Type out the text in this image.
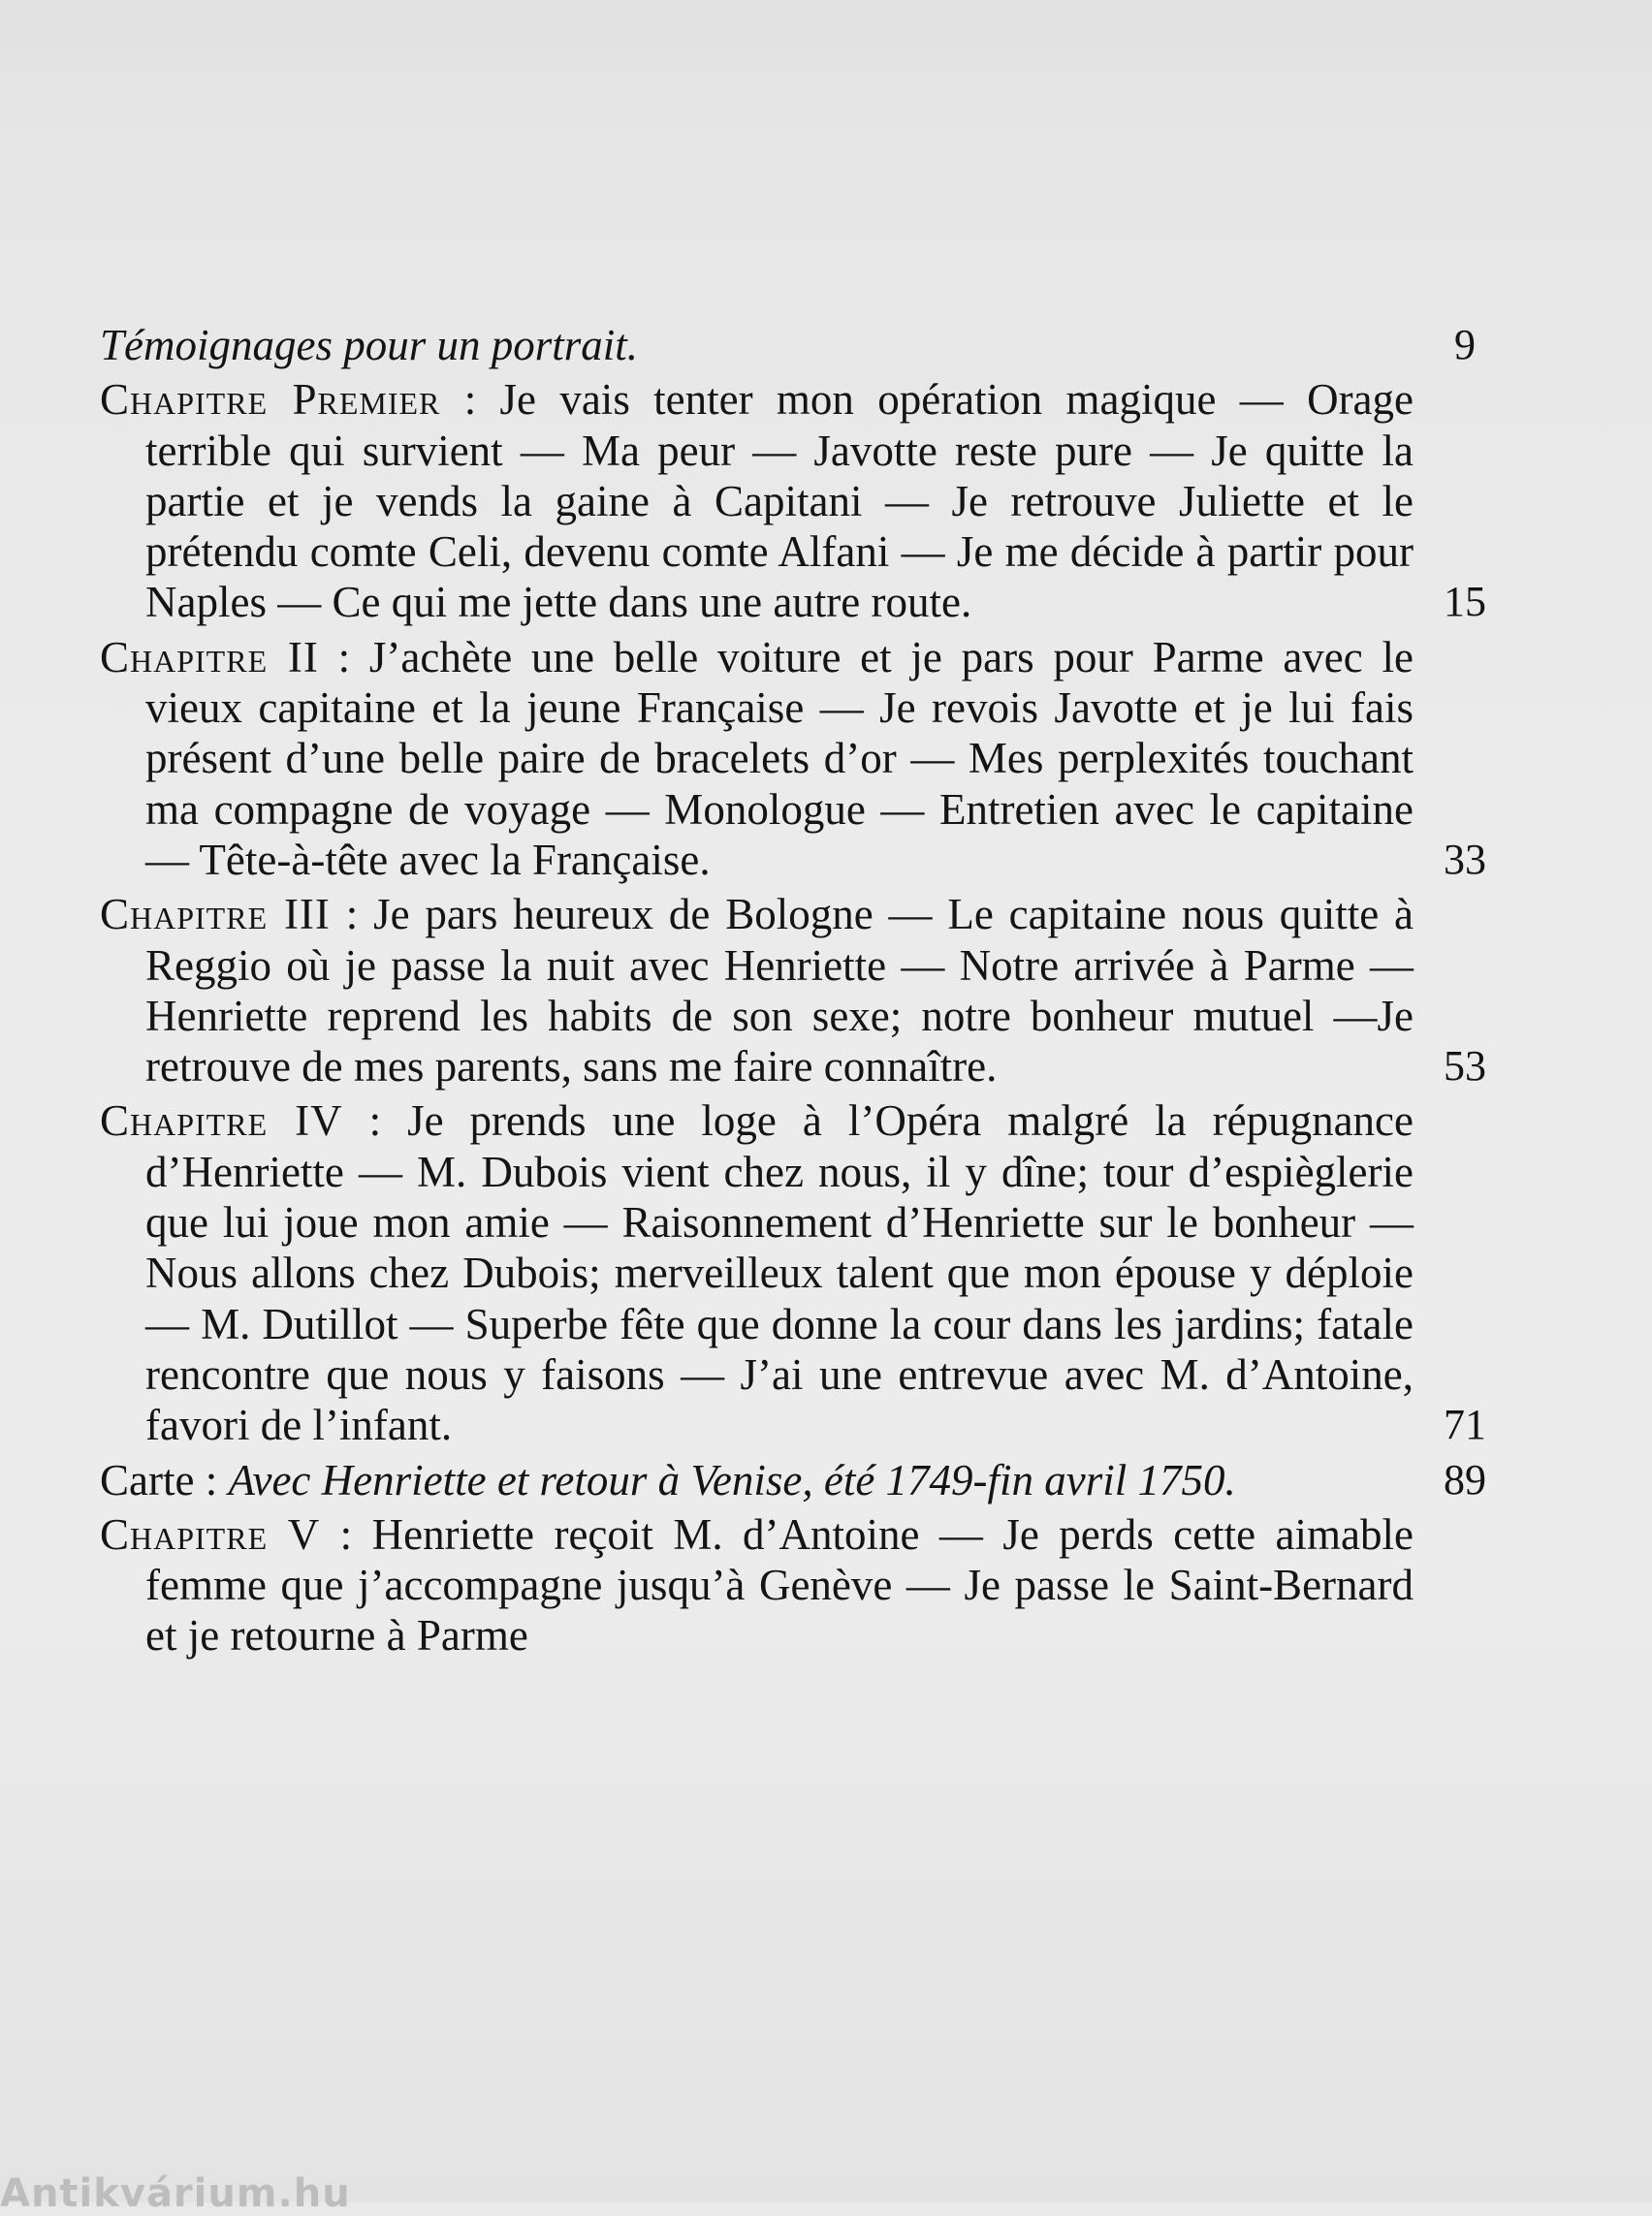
Témoignages pour un portrait.	9
Chapitre Premier : Je vais tenter mon opération magique — Orage terrible qui survient — Ma peur — Javotte reste pure — Je quitte la partie et je vends la gaine à Capitani — Je retrouve Juliette et le prétendu comte Celi, devenu comte Alfani — Je me décide à partir pour Naples — Ce qui me jette dans une autre route.	15
Chapitre II : J’achète une belle voiture et je pars pour Parme avec le vieux capitaine et la jeune Française — Je revois Javotte et je lui fais présent d’une belle paire de bracelets d’or — Mes perplexités touchant ma compagne de voyage — Monologue — Entretien avec le capitaine — Tête-à-tête avec la Française.	33
Chapitre III : Je pars heureux de Bologne — Le capitaine nous quitte à Reggio où je passe la nuit avec Henriette — Notre arrivée à Parme — Henriette reprend les habits de son sexe; notre bonheur mutuel —Je retrouve de mes parents, sans me faire connaître.	53
Chapitre IV : Je prends une loge à l’Opéra malgré la répugnance d’Henriette — M. Dubois vient chez nous, il y dîne; tour d’espièglerie que lui joue mon amie — Raisonnement d’Henriette sur le bonheur — Nous allons chez Dubois; merveilleux talent que mon épouse y déploie — M. Dutillot — Superbe fête que donne la cour dans les jardins; fatale rencontre que nous y faisons — J’ai une entrevue avec M. d’Antoine, favori de l’infant.	71
Carte : Avec Henriette et retour à Venise, été 1749-fin avril 1750.	89
Chapitre V : Henriette reçoit M. d’Antoine — Je perds cette aimable femme que j’accompagne jusqu’à Genève — Je passe le Saint-Bernard et je retourne à Parme
Antikvárium.hu
